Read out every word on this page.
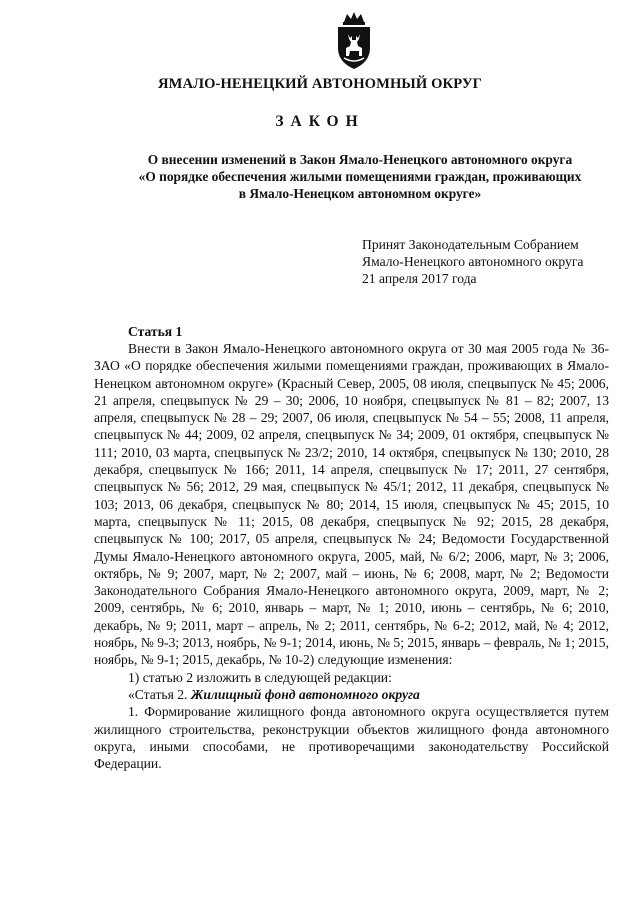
ЯМАЛО-НЕНЕЦКИЙ АВТОНОМНЫЙ ОКРУГ
ЗАКОН
О внесении изменений в Закон Ямало-Ненецкого автономного округа
«О порядке обеспечения жилыми помещениями граждан, проживающих
в Ямало-Ненецком автономном округе»
Принят Законодательным Собранием
Ямало-Ненецкого автономного округа
21 апреля 2017 года
Статья 1

Внести в Закон Ямало-Ненецкого автономного округа от 30 мая 2005 года № 36-ЗАО «О порядке обеспечения жилыми помещениями граждан, проживающих в Ямало-Ненецком автономном округе» (Красный Север, 2005, 08 июля, спецвыпуск № 45; 2006, 21 апреля, спецвыпуск № 29 – 30; 2006, 10 ноября, спецвыпуск № 81 – 82; 2007, 13 апреля, спецвыпуск № 28 – 29; 2007, 06 июля, спецвыпуск № 54 – 55; 2008, 11 апреля, спецвыпуск № 44; 2009, 02 апреля, спецвыпуск № 34; 2009, 01 октября, спецвыпуск № 111; 2010, 03 марта, спецвыпуск № 23/2; 2010, 14 октября, спецвыпуск № 130; 2010, 28 декабря, спецвыпуск № 166; 2011, 14 апреля, спецвыпуск № 17; 2011, 27 сентября, спецвыпуск № 56; 2012, 29 мая, спецвыпуск № 45/1; 2012, 11 декабря, спецвыпуск № 103; 2013, 06 декабря, спецвыпуск № 80; 2014, 15 июля, спецвыпуск № 45; 2015, 10 марта, спецвыпуск № 11; 2015, 08 декабря, спецвыпуск № 92; 2015, 28 декабря, спецвыпуск № 100; 2017, 05 апреля, спецвыпуск № 24; Ведомости Государственной Думы Ямало-Ненецкого автономного округа, 2005, май, № 6/2; 2006, март, № 3; 2006, октябрь, № 9; 2007, март, № 2; 2007, май – июнь, № 6; 2008, март, № 2; Ведомости Законодательного Собрания Ямало-Ненецкого автономного округа, 2009, март, № 2; 2009, сентябрь, № 6; 2010, январь – март, № 1; 2010, июнь – сентябрь, № 6; 2010, декабрь, № 9; 2011, март – апрель, № 2; 2011, сентябрь, № 6-2; 2012, май, № 4; 2012, ноябрь, № 9-3; 2013, ноябрь, № 9-1; 2014, июнь, № 5; 2015, январь – февраль, № 1; 2015, ноябрь, № 9-1; 2015, декабрь, № 10-2) следующие изменения:

1) статью 2 изложить в следующей редакции:

«Статья 2. Жилищный фонд автономного округа

1. Формирование жилищного фонда автономного округа осуществляется путем жилищного строительства, реконструкции объектов жилищного фонда автономного округа, иными способами, не противоречащими законодательству Российской Федерации.
